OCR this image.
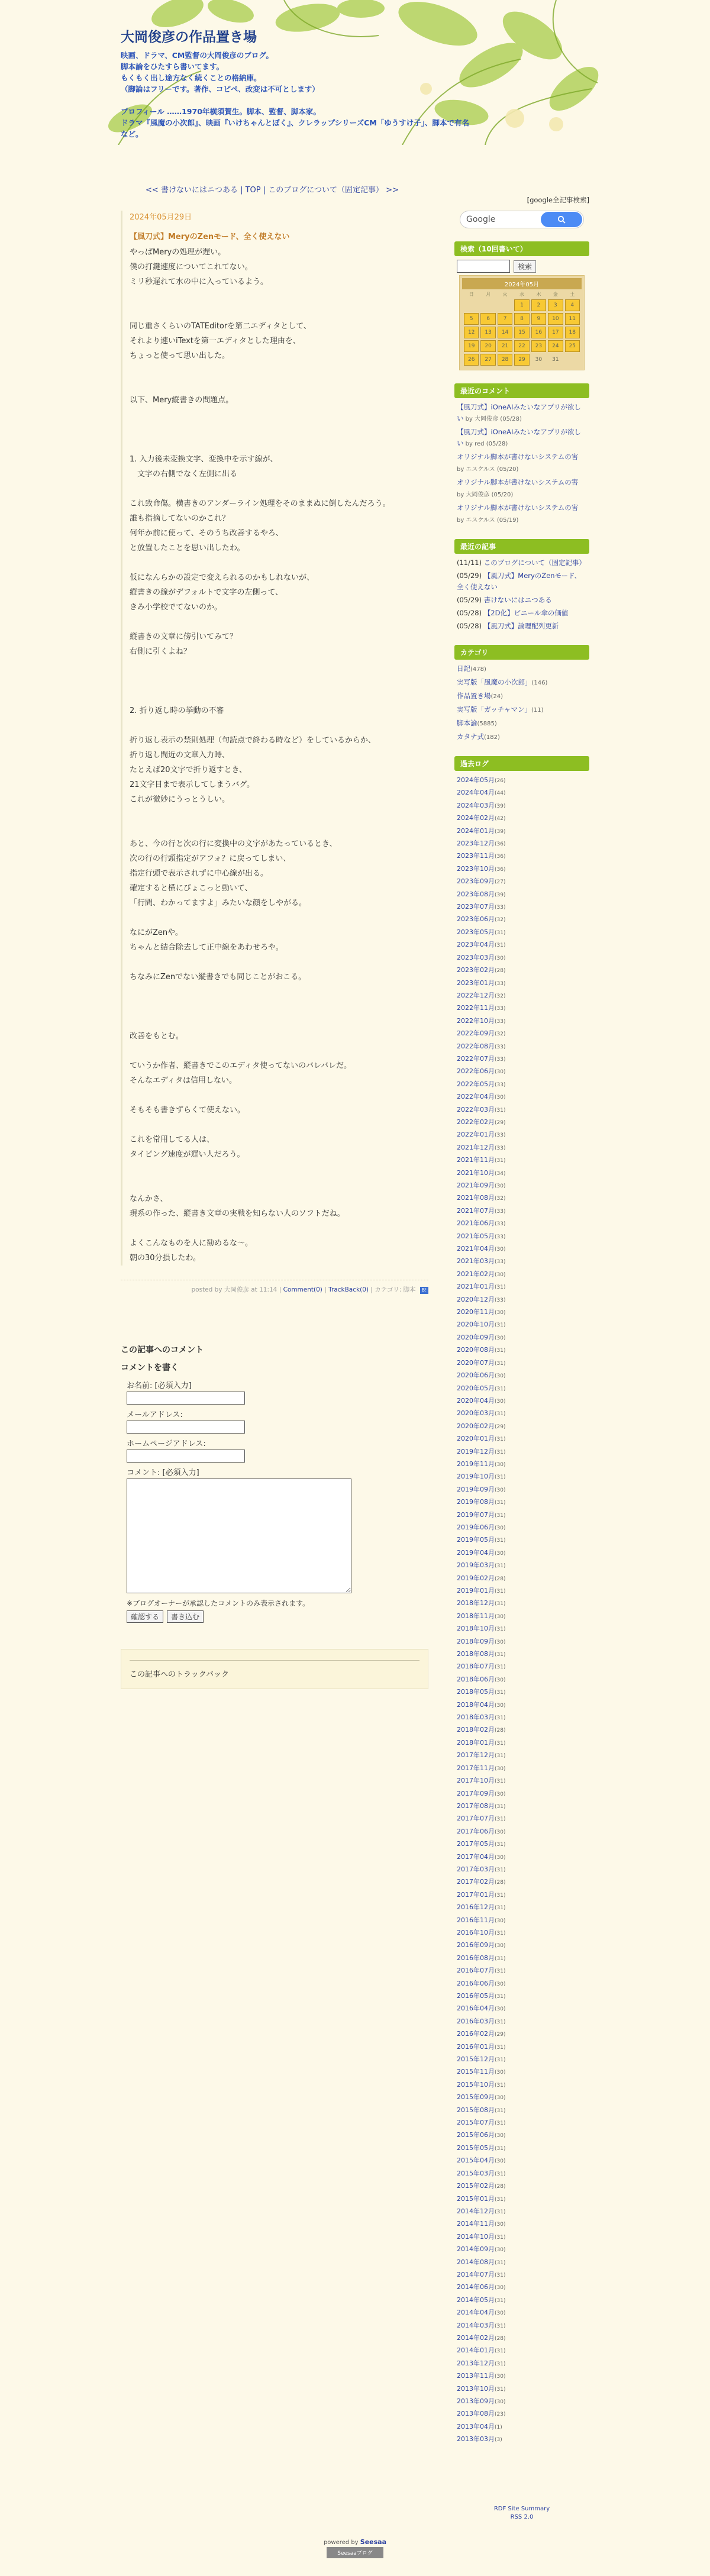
大岡俊彦の作品置き場
映画、ドラマ、CM監督の大岡俊彦のブログ。
脚本論をひたすら書いてます。
もくもく出し途方なく続くことの格納庫。
（脚論はフリーです。著作、コピペ、改変は不可とします）
プロフィール ……1970年横須賀生。脚本、監督、脚本家。
ドラマ『風魔の小次郎』、映画『いけちゃんとぼく』、クレラップシリーズCM「ゆうすけ子」、脚本で有名など。
<< 書けないにはニつある | TOP | このブログについて（固定記事） >>
2024年05月29日
【風刀式】MeryのZenモード、全く使えない
やっぱMeryの処理が遅い。
僕の打鍵速度についてこれてない。
ミリ秒遅れて水の中に入っているよう。
同じ重さくらいのTATEditorを第二エディタとして、
それより速いiTextを第一エディタとした理由を、
ちょっと使って思い出した。
以下、Mery縦書きの問題点。
1. 入力後未変換文字、変換中を示す線が、
　文字の右側でなく左側に出る
これ致命傷。横書きのアンダーライン処理をそのままぬに倒したんだろう。
誰も指摘してないのかこれ？
何年か前に使って、そのうち改善するやろ、
と放置したことを思い出したわ。
仮になんらかの設定で変えられるのかもしれないが、
縦書きの線がデフォルトで文字の左側って、
きみ小学校でてないのか。
縦書きの文章に傍引いてみて？
右側に引くよね？
2. 折り返し時の挙動の不審
折り返し表示の禁則処理（句読点で終わる時など）をしているからか、
折り返し間近の文章入力時、
たとえば20文字で折り返すとき、
21文字目まで表示してしまうバグ。
これが微妙にうっとうしい。
あと、今の行と次の行に変換中の文字があたっているとき、
次の行の行頭指定がアフォ？に戻ってしまい、
指定行頭で表示されずに中心線が出る。
確定すると横にびょこっと動いて、
「行間、わかってますよ」みたいな顔をしやがる。
なにがZenや。
ちゃんと結合除去して正中線をあわせろや。
ちなみにZenでない縦書きでも同じことがおこる。
改善をもとむ。
ていうか作者、縦書きでこのエディタ使ってないのバレバレだ。
そんなエディタは信用しない。
そもそも書きずらくて使えない。
これを常用してる人は、
タイピング速度が遅い人だろう。
なんかさ、
現系の作った、縦書き文章の実戦を知らない人のソフトだね。
よくこんなものを人に勧めるな〜。
朝の30分損したわ。
posted by 大岡俊彦 at 11:14 | Comment(0) | TrackBack(0) | カテゴリ: 脚本 B!
この記事へのコメント
コメントを書く
お名前: [必須入力]
メールアドレス:
ホームページアドレス:
コメント: [必須入力]
※ブログオーナーが承認したコメントのみ表示されます。
確認する 書き込む
この記事へのトラックバック
[google全記事検索]
Google
検索（10回書いて）
検索
2024年05月
日	月	火	水	木	金	土
			1	2	3	4
5	6	7	8	9	10	11
12	13	14	15	16	17	18
19	20	21	22	23	24	25
26	27	28	29	30	31	
最近のコメント
【風刀式】iOneAIみたいなアプリが欲しい by 大岡俊彦 (05/28)
【風刀式】iOneAIみたいなアプリが欲しい by red (05/28)
オリジナル脚本が書けないシステムの害 by エスケルス (05/20)
オリジナル脚本が書けないシステムの害 by 大岡俊彦 (05/20)
オリジナル脚本が書けないシステムの害 by エスケルス (05/19)
最近の記事
(11/11) このブログについて（固定記事）
(05/29) 【風刀式】MeryのZenモード、全く使えない
(05/29) 書けないにはニつある
(05/28) 【2D化】ピニール傘の価値
(05/28) 【風刀式】論理配列更新
カテゴリ
日記(478)
実写版「風魔の小次郎」(146)
作品置き場(24)
実写版「ガッチャマン」(11)
脚本論(5885)
カタナ式(182)
過去ログ
2024年05月(26)
2024年04月(44)
2024年03月(39)
2024年02月(42)
2024年01月(39)
2023年12月(36)
2023年11月(36)
2023年10月(36)
2023年09月(27)
2023年08月(39)
2023年07月(33)
2023年06月(32)
2023年05月(31)
2023年04月(31)
2023年03月(30)
2023年02月(28)
2023年01月(33)
2022年12月(32)
2022年11月(33)
2022年10月(33)
2022年09月(32)
2022年08月(33)
2022年07月(33)
2022年06月(30)
2022年05月(33)
2022年04月(30)
2022年03月(31)
2022年02月(29)
2022年01月(33)
2021年12月(33)
2021年11月(31)
2021年10月(34)
2021年09月(30)
2021年08月(32)
2021年07月(33)
2021年06月(33)
2021年05月(33)
2021年04月(30)
2021年03月(33)
2021年02月(30)
2021年01月(31)
2020年12月(33)
2020年11月(30)
2020年10月(31)
2020年09月(30)
2020年08月(31)
2020年07月(31)
2020年06月(30)
2020年05月(31)
2020年04月(30)
2020年03月(31)
2020年02月(29)
2020年01月(31)
2019年12月(31)
2019年11月(30)
2019年10月(31)
2019年09月(30)
2019年08月(31)
2019年07月(31)
2019年06月(30)
2019年05月(31)
2019年04月(30)
2019年03月(31)
2019年02月(28)
2019年01月(31)
2018年12月(31)
2018年11月(30)
2018年10月(31)
2018年09月(30)
2018年08月(31)
2018年07月(31)
2018年06月(30)
2018年05月(31)
2018年04月(30)
2018年03月(31)
2018年02月(28)
2018年01月(31)
2017年12月(31)
2017年11月(30)
2017年10月(31)
2017年09月(30)
2017年08月(31)
2017年07月(31)
2017年06月(30)
2017年05月(31)
2017年04月(30)
2017年03月(31)
2017年02月(28)
2017年01月(31)
2016年12月(31)
2016年11月(30)
2016年10月(31)
2016年09月(30)
2016年08月(31)
2016年07月(31)
2016年06月(30)
2016年05月(31)
2016年04月(30)
2016年03月(31)
2016年02月(29)
2016年01月(31)
2015年12月(31)
2015年11月(30)
2015年10月(31)
2015年09月(30)
2015年08月(31)
2015年07月(31)
2015年06月(30)
2015年05月(31)
2015年04月(30)
2015年03月(31)
2015年02月(28)
2015年01月(31)
2014年12月(31)
2014年11月(30)
2014年10月(31)
2014年09月(30)
2014年08月(31)
2014年07月(31)
2014年06月(30)
2014年05月(31)
2014年04月(30)
2014年03月(31)
2014年02月(28)
2014年01月(31)
2013年12月(31)
2013年11月(30)
2013年10月(31)
2013年09月(30)
2013年08月(23)
2013年04月(1)
2013年03月(3)
RDF Site Summary
RSS 2.0
powered by Seesaa
Seesaaブログ
